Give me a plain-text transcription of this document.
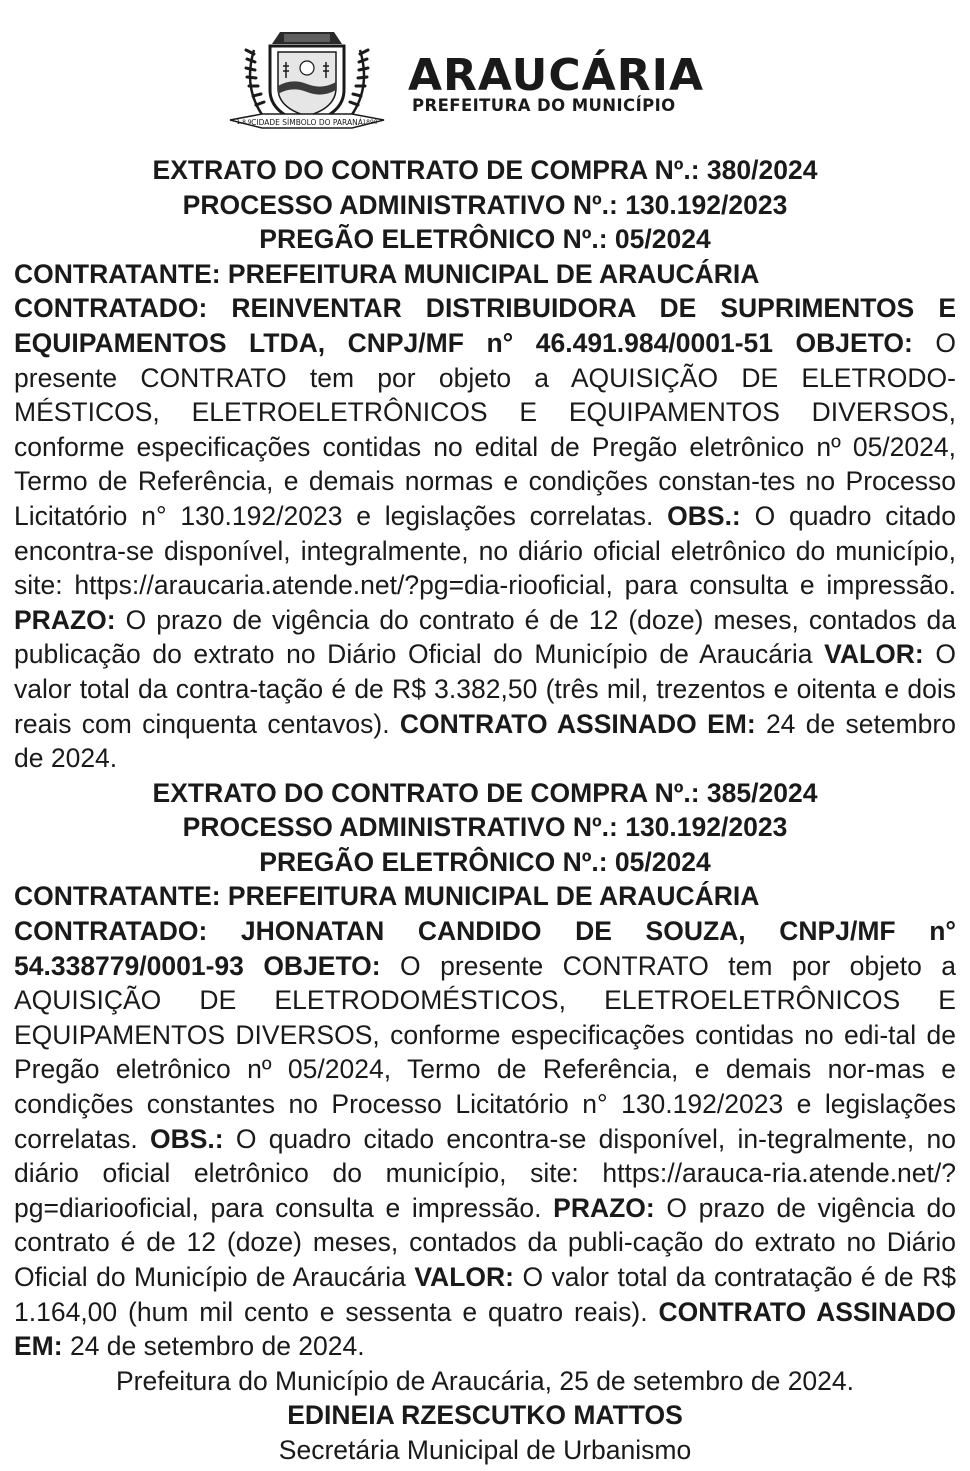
CIDADE SÍMBOLO DO PARANÁ
1.8.9	1890
ARAUCÁRIA
PREFEITURA DO MUNICÍPIO
EXTRATO DO CONTRATO DE COMPRA Nº.: 380/2024
PROCESSO ADMINISTRATIVO Nº.: 130.192/2023
PREGÃO ELETRÔNICO Nº.: 05/2024
CONTRATANTE: PREFEITURA MUNICIPAL DE ARAUCÁRIA
CONTRATADO: REINVENTAR DISTRIBUIDORA DE SUPRIMENTOS E EQUIPAMENTOS LTDA, CNPJ/MF n° 46.491.984/0001-51 OBJETO: O presente CONTRATO tem por objeto a AQUISIÇÃO DE ELETRODO-MÉSTICOS, ELETROELETRÔNICOS E EQUIPAMENTOS DIVERSOS, conforme especificações contidas no edital de Pregão eletrônico nº 05/2024, Termo de Referência, e demais normas e condições constan-tes no Processo Licitatório n° 130.192/2023 e legislações correlatas. OBS.: O quadro citado encontra-se disponível, integralmente, no diário oficial eletrônico do município, site: https://araucaria.atende.net/?pg=dia-riooficial, para consulta e impressão. PRAZO: O prazo de vigência do contrato é de 12 (doze) meses, contados da publicação do extrato no Diário Oficial do Município de Araucária VALOR: O valor total da contra-tação é de R$ 3.382,50 (três mil, trezentos e oitenta e dois reais com cinquenta centavos). CONTRATO ASSINADO EM: 24 de setembro de 2024.
EXTRATO DO CONTRATO DE COMPRA Nº.: 385/2024
PROCESSO ADMINISTRATIVO Nº.: 130.192/2023
PREGÃO ELETRÔNICO Nº.: 05/2024
CONTRATANTE: PREFEITURA MUNICIPAL DE ARAUCÁRIA
CONTRATADO: JHONATAN CANDIDO DE SOUZA, CNPJ/MF n° 54.338779/0001-93 OBJETO: O presente CONTRATO tem por objeto a AQUISIÇÃO DE ELETRODOMÉSTICOS, ELETROELETRÔNICOS E EQUIPAMENTOS DIVERSOS, conforme especificações contidas no edi-tal de Pregão eletrônico nº 05/2024, Termo de Referência, e demais nor-mas e condições constantes no Processo Licitatório n° 130.192/2023 e legislações correlatas. OBS.: O quadro citado encontra-se disponível, in-tegralmente, no diário oficial eletrônico do município, site: https://arauca-ria.atende.net/?pg=diariooficial, para consulta e impressão. PRAZO: O prazo de vigência do contrato é de 12 (doze) meses, contados da publi-cação do extrato no Diário Oficial do Município de Araucária VALOR: O valor total da contratação é de R$ 1.164,00 (hum mil cento e sessenta e quatro reais). CONTRATO ASSINADO EM: 24 de setembro de 2024.
Prefeitura do Município de Araucária, 25 de setembro de 2024.
EDINEIA RZESCUTKO MATTOS
Secretária Municipal de Urbanismo
